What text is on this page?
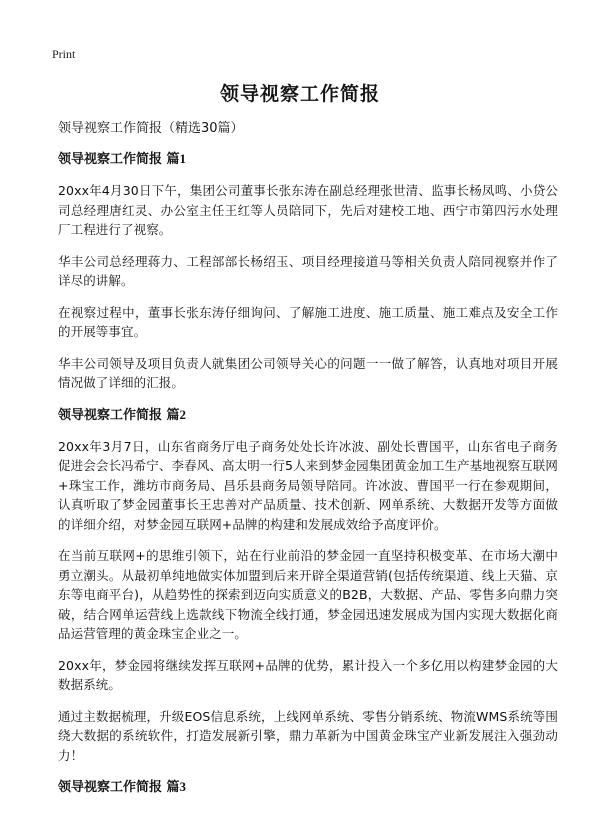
Print
领导视察工作简报

领导视察工作简报（精选30篇）

领导视察工作简报 篇1

20xx年4月30日下午，集团公司董事长张东涛在副总经理张世清、监事长杨凤鸣、小贷公司总经理唐红灵、办公室主任王红等人员陪同下，先后对建校工地、西宁市第四污水处理厂工程进行了视察。

华丰公司总经理蒋力、工程部部长杨绍玉、项目经理接道马等相关负责人陪同视察并作了详尽的讲解。

在视察过程中，董事长张东涛仔细询问、了解施工进度、施工质量、施工难点及安全工作的开展等事宜。

华丰公司领导及项目负责人就集团公司领导关心的问题一一做了解答，认真地对项目开展情况做了详细的汇报。

领导视察工作简报 篇2

20xx年3月7日，山东省商务厅电子商务处处长许冰波、副处长曹国平，山东省电子商务促进会会长冯希宁、李春风、高太明一行5人来到梦金园集团黄金加工生产基地视察互联网+珠宝工作，潍坊市商务局、昌乐县商务局领导陪同。许冰波、曹国平一行在参观期间，认真听取了梦金园董事长王忠善对产品质量、技术创新、网单系统、大数据开发等方面做的详细介绍，对梦金园互联网+品牌的构建和发展成效给予高度评价。

在当前互联网+的思维引领下，站在行业前沿的梦金园一直坚持积极变革、在市场大潮中勇立潮头。从最初单纯地做实体加盟到后来开辟全渠道营销(包括传统渠道、线上天猫、京东等电商平台)，从趋势性的探索到迈向实质意义的B2B，大数据、产品、零售多向鼎力突破，结合网单运营线上选款线下物流全线打通，梦金园迅速发展成为国内实现大数据化商品运营管理的黄金珠宝企业之一。

20xx年，梦金园将继续发挥互联网+品牌的优势，累计投入一个多亿用以构建梦金园的大数据系统。

通过主数据梳理，升级EOS信息系统，上线网单系统、零售分销系统、物流WMS系统等围绕大数据的系统软件，打造发展新引擎，鼎力革新为中国黄金珠宝产业新发展注入强劲动力！

领导视察工作简报 篇3
